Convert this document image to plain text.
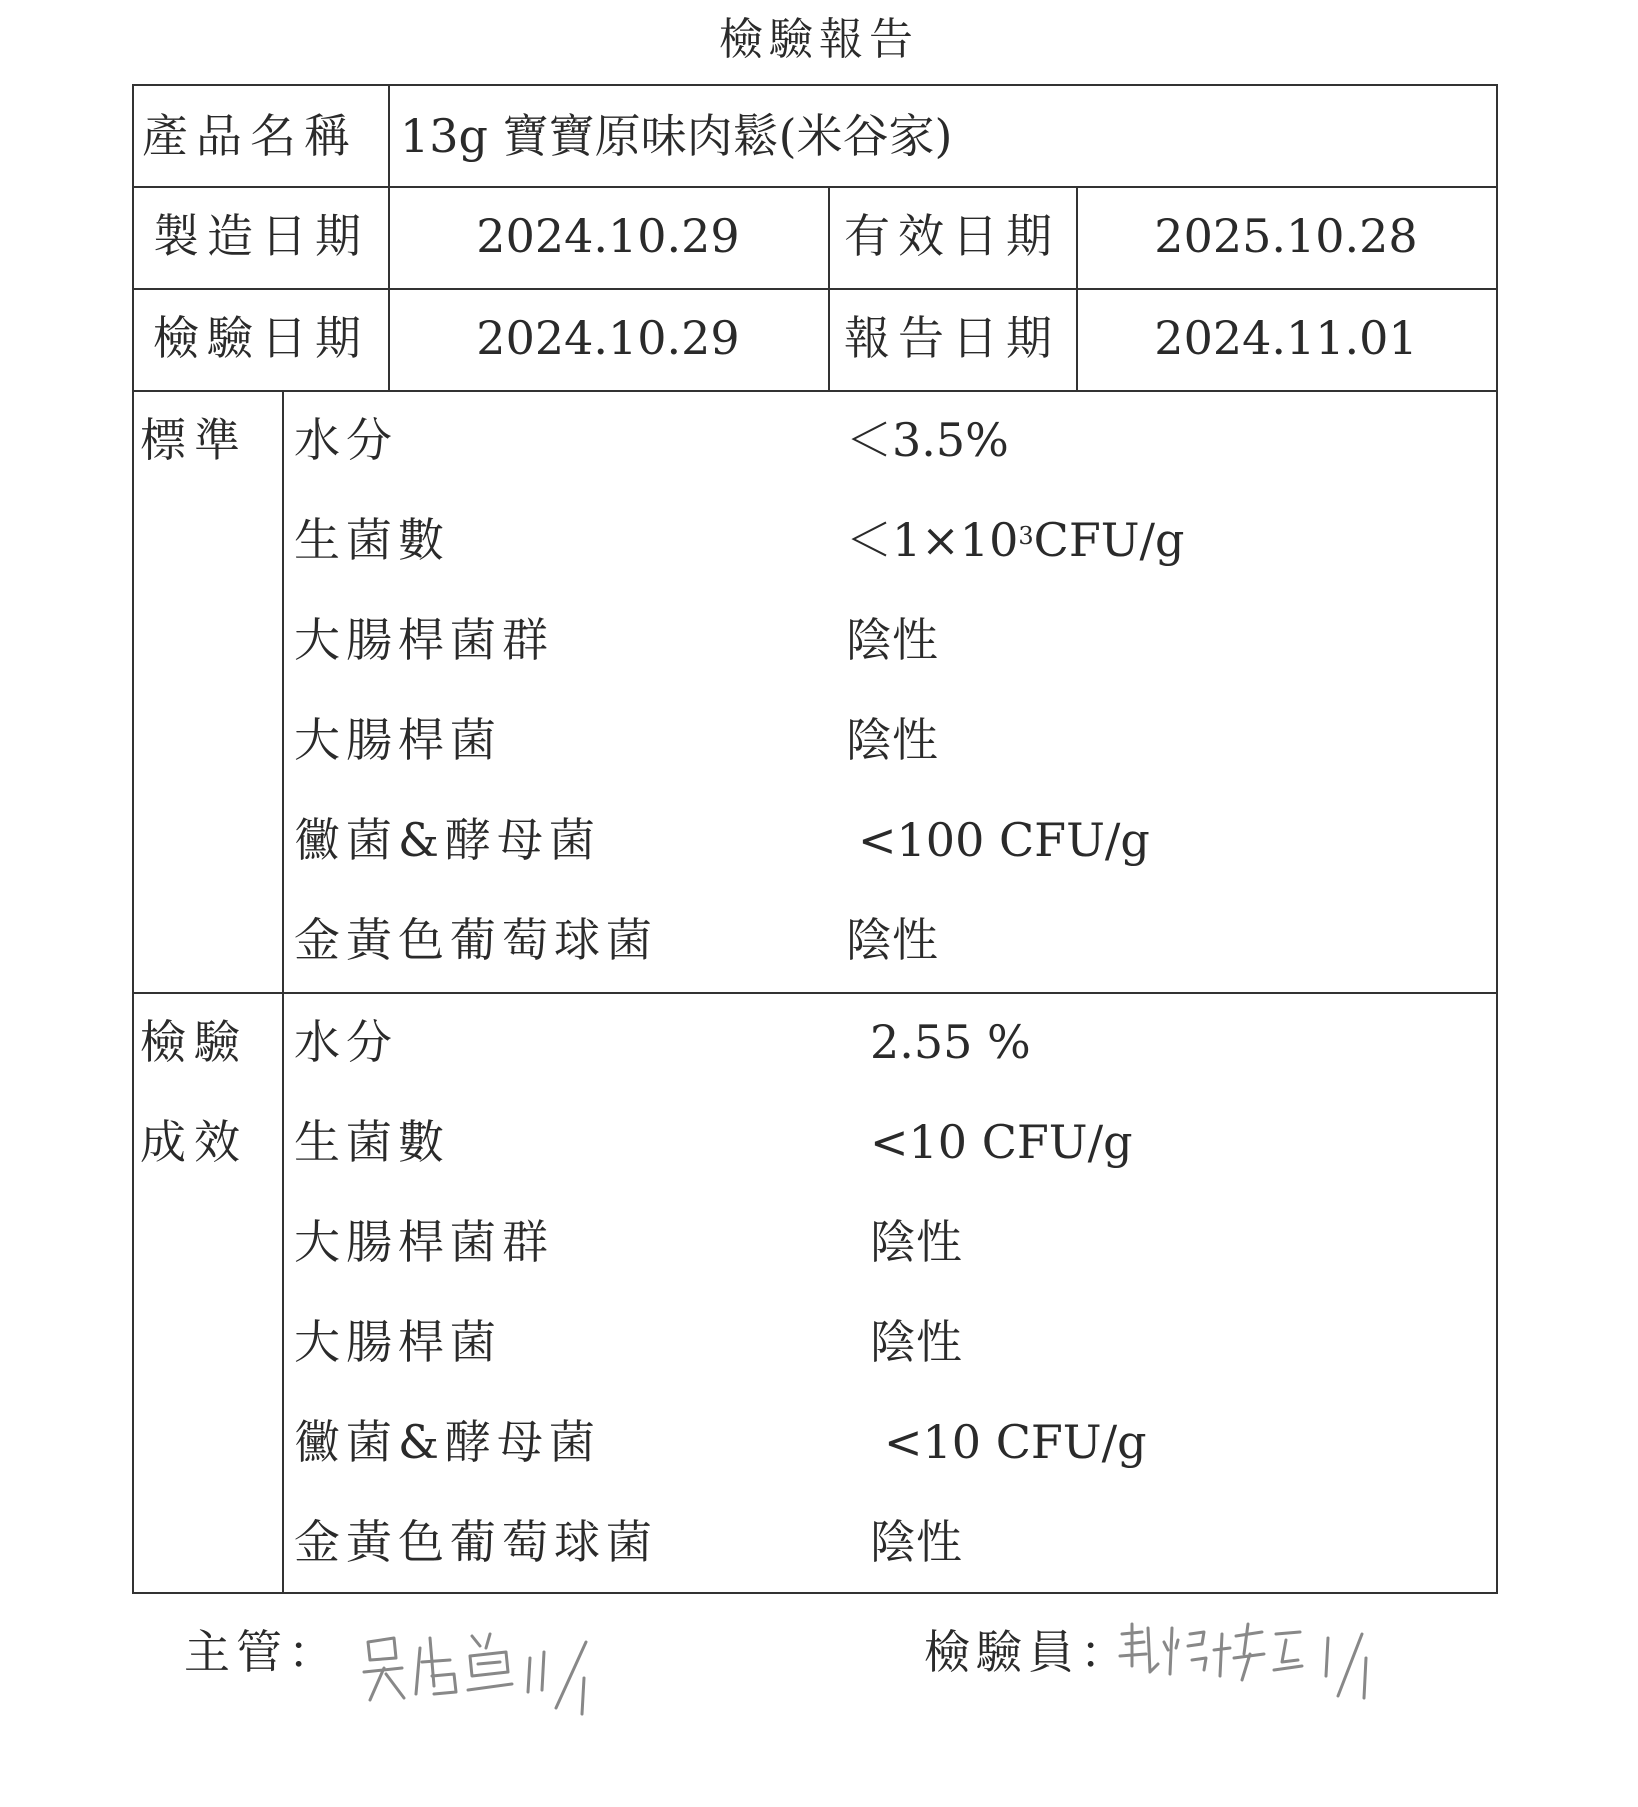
檢驗報告
產品名稱 13g 寶寶原味肉鬆(米谷家)
製造日期	2024.10.29	有效日期	2025.10.28
檢驗日期	2024.10.29	報告日期	2024.11.01
標準 水分	＜3.5%
生菌數	$<1\times 10^3CFU/g$
大腸桿菌群	陰性
大腸桿菌	陰性
黴菌&酵母菌	<100 CFU/g
金黃色葡萄球菌	陰性
檢驗
成效
水分	2.55 %
生菌數	<10 CFU/g
大腸桿菌群	陰性
大腸桿菌	陰性
黴菌&酵母菌	<10 CFU/g
金黃色葡萄球菌	陰性
主管：	檢驗員：
